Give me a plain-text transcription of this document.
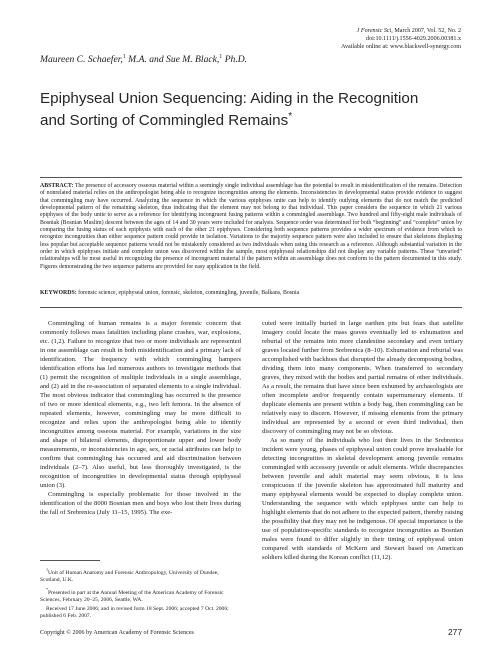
J Forensic Sci, March 2007, Vol. 52, No. 2
doi:10.1111/j.1556-4029.2006.00381.x
Available online at: www.blackwell-synergy.com
Maureen C. Schaefer,$^1$ M.A. and Sue M. Black,$^1$ Ph.D.
Epiphyseal Union Sequencing: Aiding in the Recognition and Sorting of Commingled Remains*

ABSTRACT: The presence of accessory osseous material within a seemingly single individual assemblage has the potential to result in misidentification of the remains. Detection of nonrelated material relies on the anthropologist being able to recognize incongruities among the elements. Inconsistencies in developmental status provide evidence to suggest that commingling may have occurred. Analyzing the sequence in which the various epiphyses unite can help to identify outlying elements that do not match the predicted developmental pattern of the remaining skeleton, thus indicating that the element may not belong to that individual. This paper considers the sequence in which 21 various epiphyses of the body unite to serve as a reference for identifying incongruent fusing patterns within a commingled assemblage. Two hundred and fifty-eight male individuals of Bosniak (Bosnian Muslim) descent between the ages of 14 and 30 years were included for analysis. Sequence order was determined for both “beginning” and “complete” union by comparing the fusing status of each epiphysis with each of the other 21 epiphyses. Considering both sequence patterns provides a wider spectrum of evidence from which to recognize incongruities than either sequence pattern could provide in isolation. Variations to the majority sequence pattern were also included to ensure that skeletons displaying less popular but acceptable sequence patterns would not be mistakenly considered as two individuals when using this research as a reference. Although substantial variation in the order in which epiphyses initiate and complete union was discovered within the sample, most epiphyseal relationships did not display any variable patterns. These “unvaried” relationships will be most useful in recognizing the presence of incongruent material if the pattern within an assemblage does not conform to the pattern documented in this study. Figures demonstrating the two sequence patterns are provided for easy application in the field.

KEYWORDS: forensic science, epiphyseal union, forensic, skeleton, commingling, juvenile, Balkans, Bosnia

Commingling of human remains is a major forensic concern that commonly follows mass fatalities including plane crashes, war, explosions, etc. (1,2). Failure to recognize that two or more individuals are represented in one assemblage can result in both misidentification and a primary lack of identification. The frequency with which commingling hampers identification efforts has led numerous authors to investigate methods that (1) permit the recognition of multiple individuals in a single assemblage, and (2) aid in the re-association of separated elements to a single individual. The most obvious indicator that commingling has occurred is the presence of two or more identical elements, e.g., two left femora. In the absence of repeated elements, however, commingling may be more difficult to recognize and relies upon the anthropologist being able to identify incongruities among osseous material. For example, variations in the size and shape of bilateral elements, disproportionate upper and lower body measurements, or inconsistencies in age, sex, or racial attributes can help to confirm that commingling has occurred and aid discrimination between individuals (2–7). Also useful, but less thoroughly investigated, is the recognition of incongruities in developmental status through epiphyseal union (3).

Commingling is especially problematic for those involved in the identification of the 8000 Bosnian men and boys who lost their lives during the fall of Srebrenica (July 11–15, 1995). The exe-

cuted were initially buried in large earthen pits but fears that satellite imagery could locate the mass graves eventually led to exhumation and reburial of the remains into more clandestine secondary and even tertiary graves located further from Srebrenica (8–10). Exhumation and reburial was accomplished with backhoes that disrupted the already decomposing bodies, dividing them into many components. When transferred to secondary graves, they mixed with the bodies and partial remains of other individuals. As a result, the remains that have since been exhumed by archaeologists are often incomplete and/or frequently contain supernumerary elements. If duplicate elements are present within a body bag, then commingling can be relatively easy to discern. However, if missing elements from the primary individual are represented by a second or even third individual, then discovery of commingling may not be so obvious.

As so many of the individuals who lost their lives in the Srebrenica incident were young, phases of epiphyseal union could prove invaluable for detecting incongruities in skeletal development among juvenile remains commingled with accessory juvenile or adult elements. While discrepancies between juvenile and adult material may seem obvious, it is less conspicuous if the juvenile skeleton has approximated full maturity and many epiphyseal elements would be expected to display complete union. Understanding the sequence with which epiphyses unite can help to highlight elements that do not adhere to the expected pattern, thereby raising the possibility that they may not be indigenous. Of special importance is the use of population-specific standards to recognize incongruities as Bosnian males were found to differ slightly in their timing of epiphyseal union compared with standards of McKern and Stewart based on American soldiers killed during the Korean conflict (11,12).

$^1$Unit of Human Anatomy and Forensic Anthropology, University of Dundee, Scotland, U.K.

*Presented in part at the Annual Meeting of the American Academy of Forensic Sciences, February 20–25, 2006, Seattle, WA.

Received 17 June 2006; and in revised form 18 Sept. 2006; accepted 7 Oct. 2006; published 6 Feb. 2007.

Copyright © 2006 by American Academy of Forensic Sciences	277
